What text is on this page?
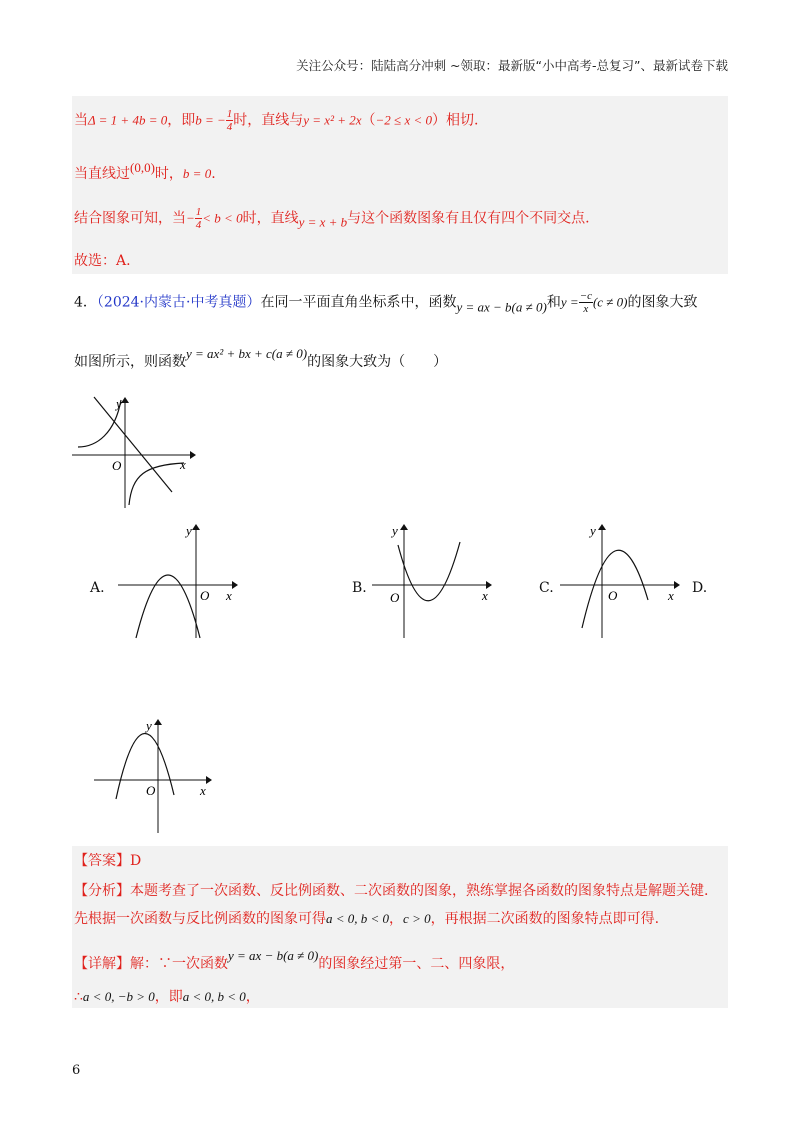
关注公众号：陆陆高分冲刺 ~领取：最新版“小中高考-总复习”、最新试卷下载
当Δ = 1 + 4b = 0，即b = − $\frac{1}{4}$ 时，直线与y = x² + 2x（−2 ≤ x < 0）相切.
当直线过(0,0)时，b = 0.
结合图象可知，当− $\frac{1}{4} < b < 0$时，直线y = x + b与这个函数图象有且仅有四个不同交点.
故选：A.
4．（2024·内蒙古·中考真题）在同一平面直角坐标系中，函数y = ax − b(a ≠ 0)和$y = \frac{-c}{x} (c \ne 0)$的图象大致
如图所示，则函数y = ax² + bx + c(a ≠ 0)的图象大致为（　　）
y
x
O
A.
y
x
O	B.
y
x
O
C.
y
x
O	D.
y
x
O
【答案】D
【分析】本题考查了一次函数、反比例函数、二次函数的图象，熟练掌握各函数的图象特点是解题关键.
先根据一次函数与反比例函数的图象可得a < 0, b < 0，c > 0，再根据二次函数的图象特点即可得.
【详解】解：∵一次函数y = ax − b(a ≠ 0)的图象经过第一、二、四象限，
∴a < 0, −b > 0，即a < 0, b < 0，
6
